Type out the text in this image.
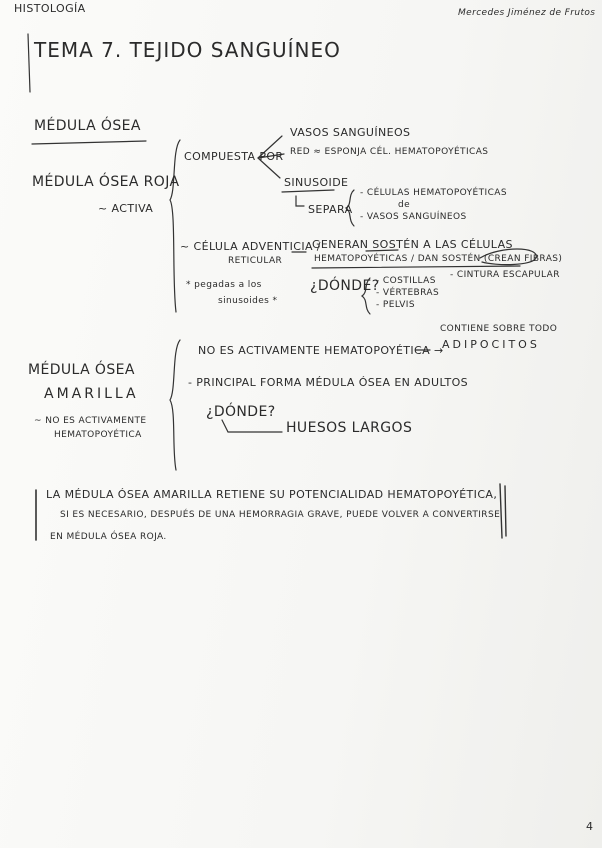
HISTOLOGÍA	Mercedes Jiménez de Frutos
TEMA 7. TEJIDO SANGUÍNEO
MÉDULA ÓSEA
MÉDULA ÓSEA ROJA
~ ACTIVA
COMPUESTA POR
VASOS SANGUÍNEOS
RED ≈ ESPONJA CÉL. HEMATOPOYÉTICAS
SINUSOIDE
SEPARA
- CÉLULAS HEMATOPOYÉTICAS
de
- VASOS SANGUÍNEOS
~ CÉLULA ADVENTICIA /
RETICULAR
GENERAN SOSTÉN A LAS CÉLULAS
HEMATOPOYÉTICAS / DAN SOSTÉN (CREAN FIBRAS)
* pegadas a los
sinusoides *
¿DÓNDE?
- COSTILLAS
- VÉRTEBRAS
- PELVIS
- CINTURA ESCAPULAR
MÉDULA ÓSEA
AMARILLA
~ NO ES ACTIVAMENTE
HEMATOPOYÉTICA
NO ES ACTIVAMENTE HEMATOPOYÉTICA →
CONTIENE SOBRE TODO
ADIPOCITOS
- PRINCIPAL FORMA MÉDULA ÓSEA EN ADULTOS
¿DÓNDE?
HUESOS LARGOS
LA MÉDULA ÓSEA AMARILLA RETIENE SU POTENCIALIDAD HEMATOPOYÉTICA,
SI ES NECESARIO, DESPUÉS DE UNA HEMORRAGIA GRAVE, PUEDE VOLVER A CONVERTIRSE
EN MÉDULA ÓSEA ROJA.
4
